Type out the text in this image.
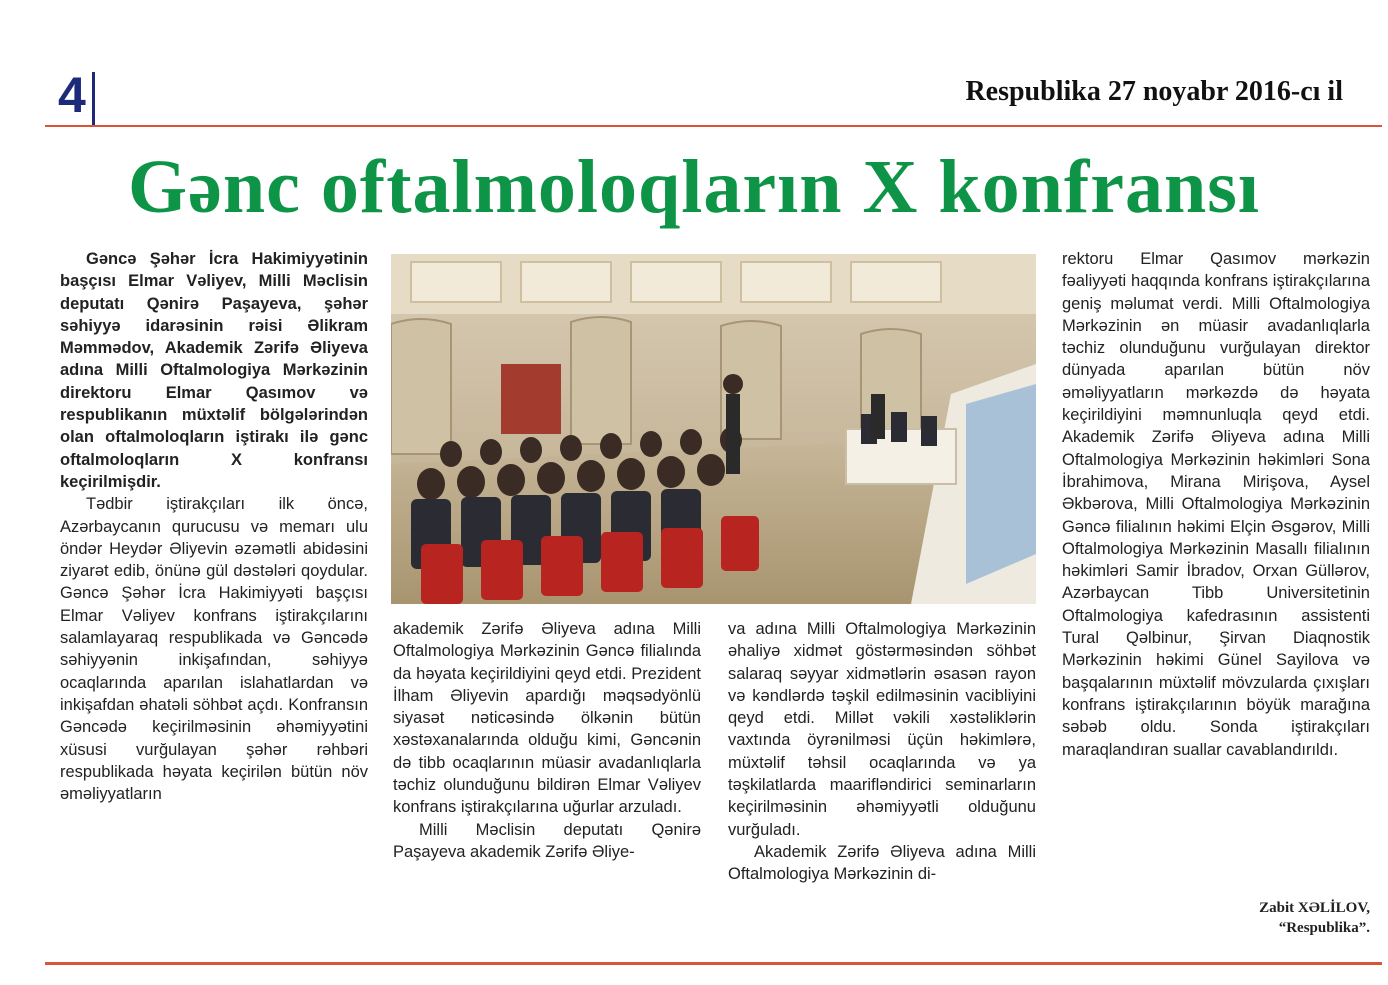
4	Respublika 27 noyabr 2016-cı il
Gənc oftalmoloqların X konfransı

Gəncə Şəhər İcra Hakimiyyətinin başçısı Elmar Vəliyev, Milli Məclisin deputatı Qənirə Paşayeva, şəhər səhiyyə idarəsinin rəisi Əlikram Məmmədov, Akademik Zərifə Əliyeva adına Milli Oftalmologiya Mərkəzinin direktoru Elmar Qasımov və respublikanın müxtəlif bölgələrindən olan oftalmoloqların iştirakı ilə gənc oftalmoloqların X konfransı keçirilmişdir.

Tədbir iştirakçıları ilk öncə, Azərbaycanın qurucusu və memarı ulu öndər Heydər Əliyevin əzəmətli abidəsini ziyarət edib, önünə gül dəstələri qoydular. Gəncə Şəhər İcra Hakimiyyəti başçısı Elmar Vəliyev konfrans iştirakçılarını salamlayaraq respublikada və Gəncədə səhiyyənin inkişafından, səhiyyə ocaqlarında aparılan islahatlardan və inkişafdan əhatəli söhbət açdı. Konfransın Gəncədə keçirilməsinin əhəmiyyətini xüsusi vurğulayan şəhər rəhbəri respublikada həyata keçirilən bütün növ əməliyyatların

akademik Zərifə Əliyeva adına Milli Oftalmologiya Mərkəzinin Gəncə filialında da həyata keçirildiyini qeyd etdi. Prezident İlham Əliyevin apardığı məqsədyönlü siyasət nəticəsində ölkənin bütün xəstəxanalarında olduğu kimi, Gəncənin də tibb ocaqlarının müasir avadanlıqlarla təchiz olunduğunu bildirən Elmar Vəliyev konfrans iştirakçılarına uğurlar arzuladı.

Milli Məclisin deputatı Qənirə Paşayeva akademik Zərifə Əliye-

va adına Milli Oftalmologiya Mərkəzinin əhaliyə xidmət göstərməsindən söhbət salaraq səyyar xidmətlərin əsasən rayon və kəndlərdə təşkil edilməsinin vacibliyini qeyd etdi. Millət vəkili xəstəliklərin vaxtında öyrənilməsi üçün həkimlərə, müxtəlif təhsil ocaqlarında və ya təşkilatlarda maarifləndirici seminarların keçirilməsinin əhəmiyyətli olduğunu vurğuladı.

Akademik Zərifə Əliyeva adına Milli Oftalmologiya Mərkəzinin di-

rektoru Elmar Qasımov mərkəzin fəaliyyəti haqqında konfrans iştirakçılarına geniş məlumat verdi. Milli Oftalmologiya Mərkəzinin ən müasir avadanlıqlarla təchiz olunduğunu vurğulayan direktor dünyada aparılan bütün növ əməliyyatların mərkəzdə də həyata keçirildiyini məmnunluqla qeyd etdi. Akademik Zərifə Əliyeva adına Milli Oftalmologiya Mərkəzinin həkimləri Sona İbrahimova, Mirana Mirişova, Aysel Əkbərova, Milli Oftalmologiya Mərkəzinin Gəncə filialının həkimi Elçin Əsgərov, Milli Oftalmologiya Mərkəzinin Masallı filialının həkimləri Samir İbradov, Orxan Güllərov, Azərbaycan Tibb Universitetinin Oftalmologiya kafedrasının assistenti Tural Qəlbinur, Şirvan Diaqnostik Mərkəzinin həkimi Günel Sayilova və başqalarının müxtəlif mövzularda çıxışları konfrans iştirakçılarının böyük marağına səbəb oldu. Sonda iştirakçıları maraqlandıran suallar cavablandırıldı.

Zabit XƏLİLOV,
“Respublika”.
